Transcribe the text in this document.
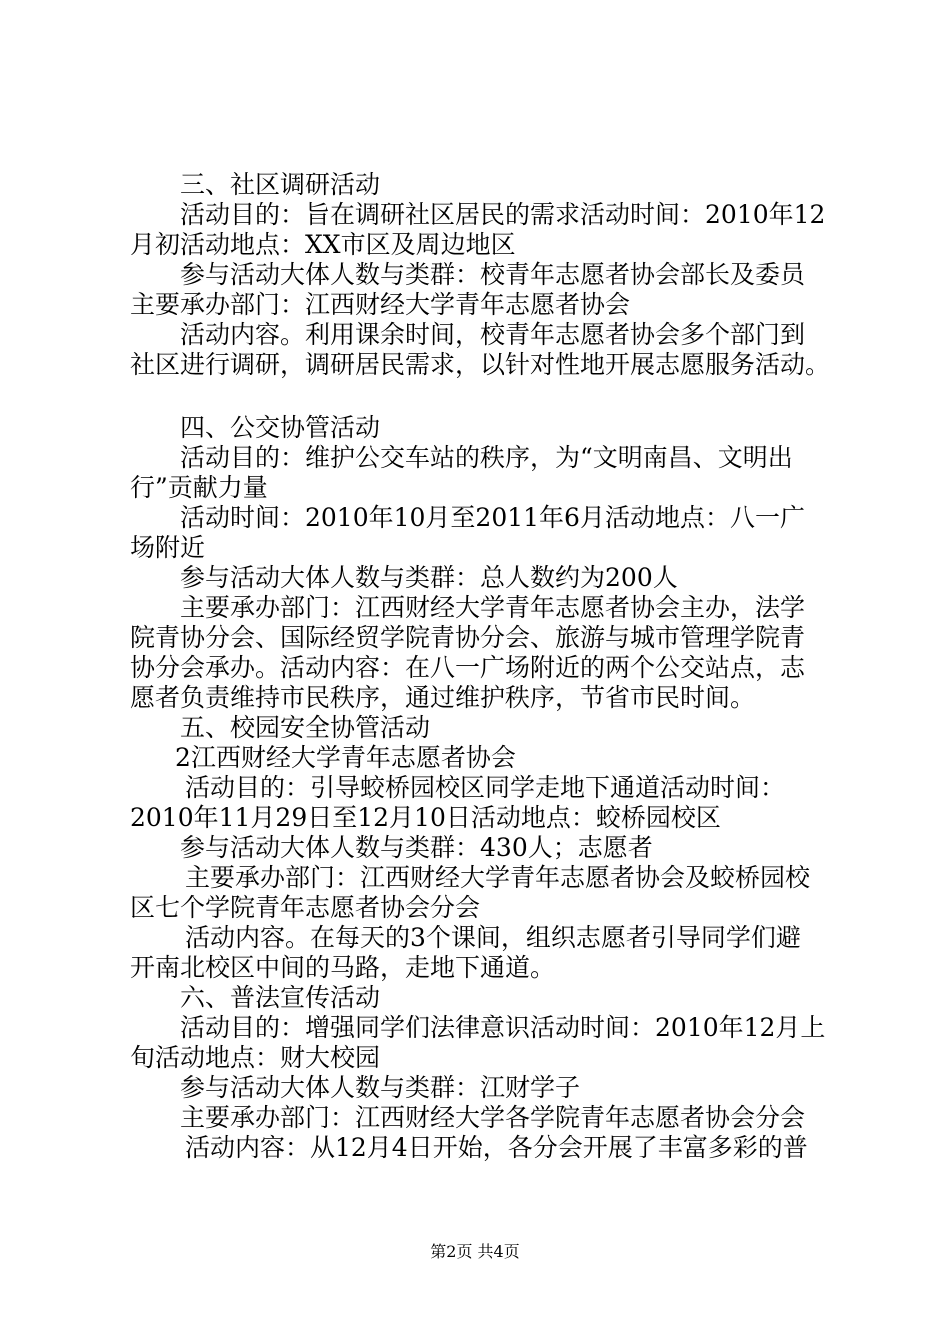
三、社区调研活动
活动目的：旨在调研社区居民的需求活动时间：2010年12
月初活动地点：XX市区及周边地区
参与活动大体人数与类群：校青年志愿者协会部长及委员
主要承办部门：江西财经大学青年志愿者协会
活动内容。利用课余时间，校青年志愿者协会多个部门到
社区进行调研，调研居民需求，以针对性地开展志愿服务活动。
四、公交协管活动
活动目的：维护公交车站的秩序，为“文明南昌、文明出
行”贡献力量
活动时间：2010年10月至2011年6月活动地点：八一广
场附近
参与活动大体人数与类群：总人数约为200人
主要承办部门：江西财经大学青年志愿者协会主办，法学
院青协分会、国际经贸学院青协分会、旅游与城市管理学院青
协分会承办。活动内容：在八一广场附近的两个公交站点，志
愿者负责维持市民秩序，通过维护秩序，节省市民时间。
五、校园安全协管活动
2江西财经大学青年志愿者协会
活动目的：引导蛟桥园校区同学走地下通道活动时间：
2010年11月29日至12月10日活动地点：蛟桥园校区
参与活动大体人数与类群：430人；志愿者
主要承办部门：江西财经大学青年志愿者协会及蛟桥园校
区七个学院青年志愿者协会分会
活动内容。在每天的3个课间，组织志愿者引导同学们避
开南北校区中间的马路，走地下通道。
六、普法宣传活动
活动目的：增强同学们法律意识活动时间：2010年12月上
旬活动地点：财大校园
参与活动大体人数与类群：江财学子
主要承办部门：江西财经大学各学院青年志愿者协会分会
活动内容：从12月4日开始，各分会开展了丰富多彩的普
第2页 共4页
